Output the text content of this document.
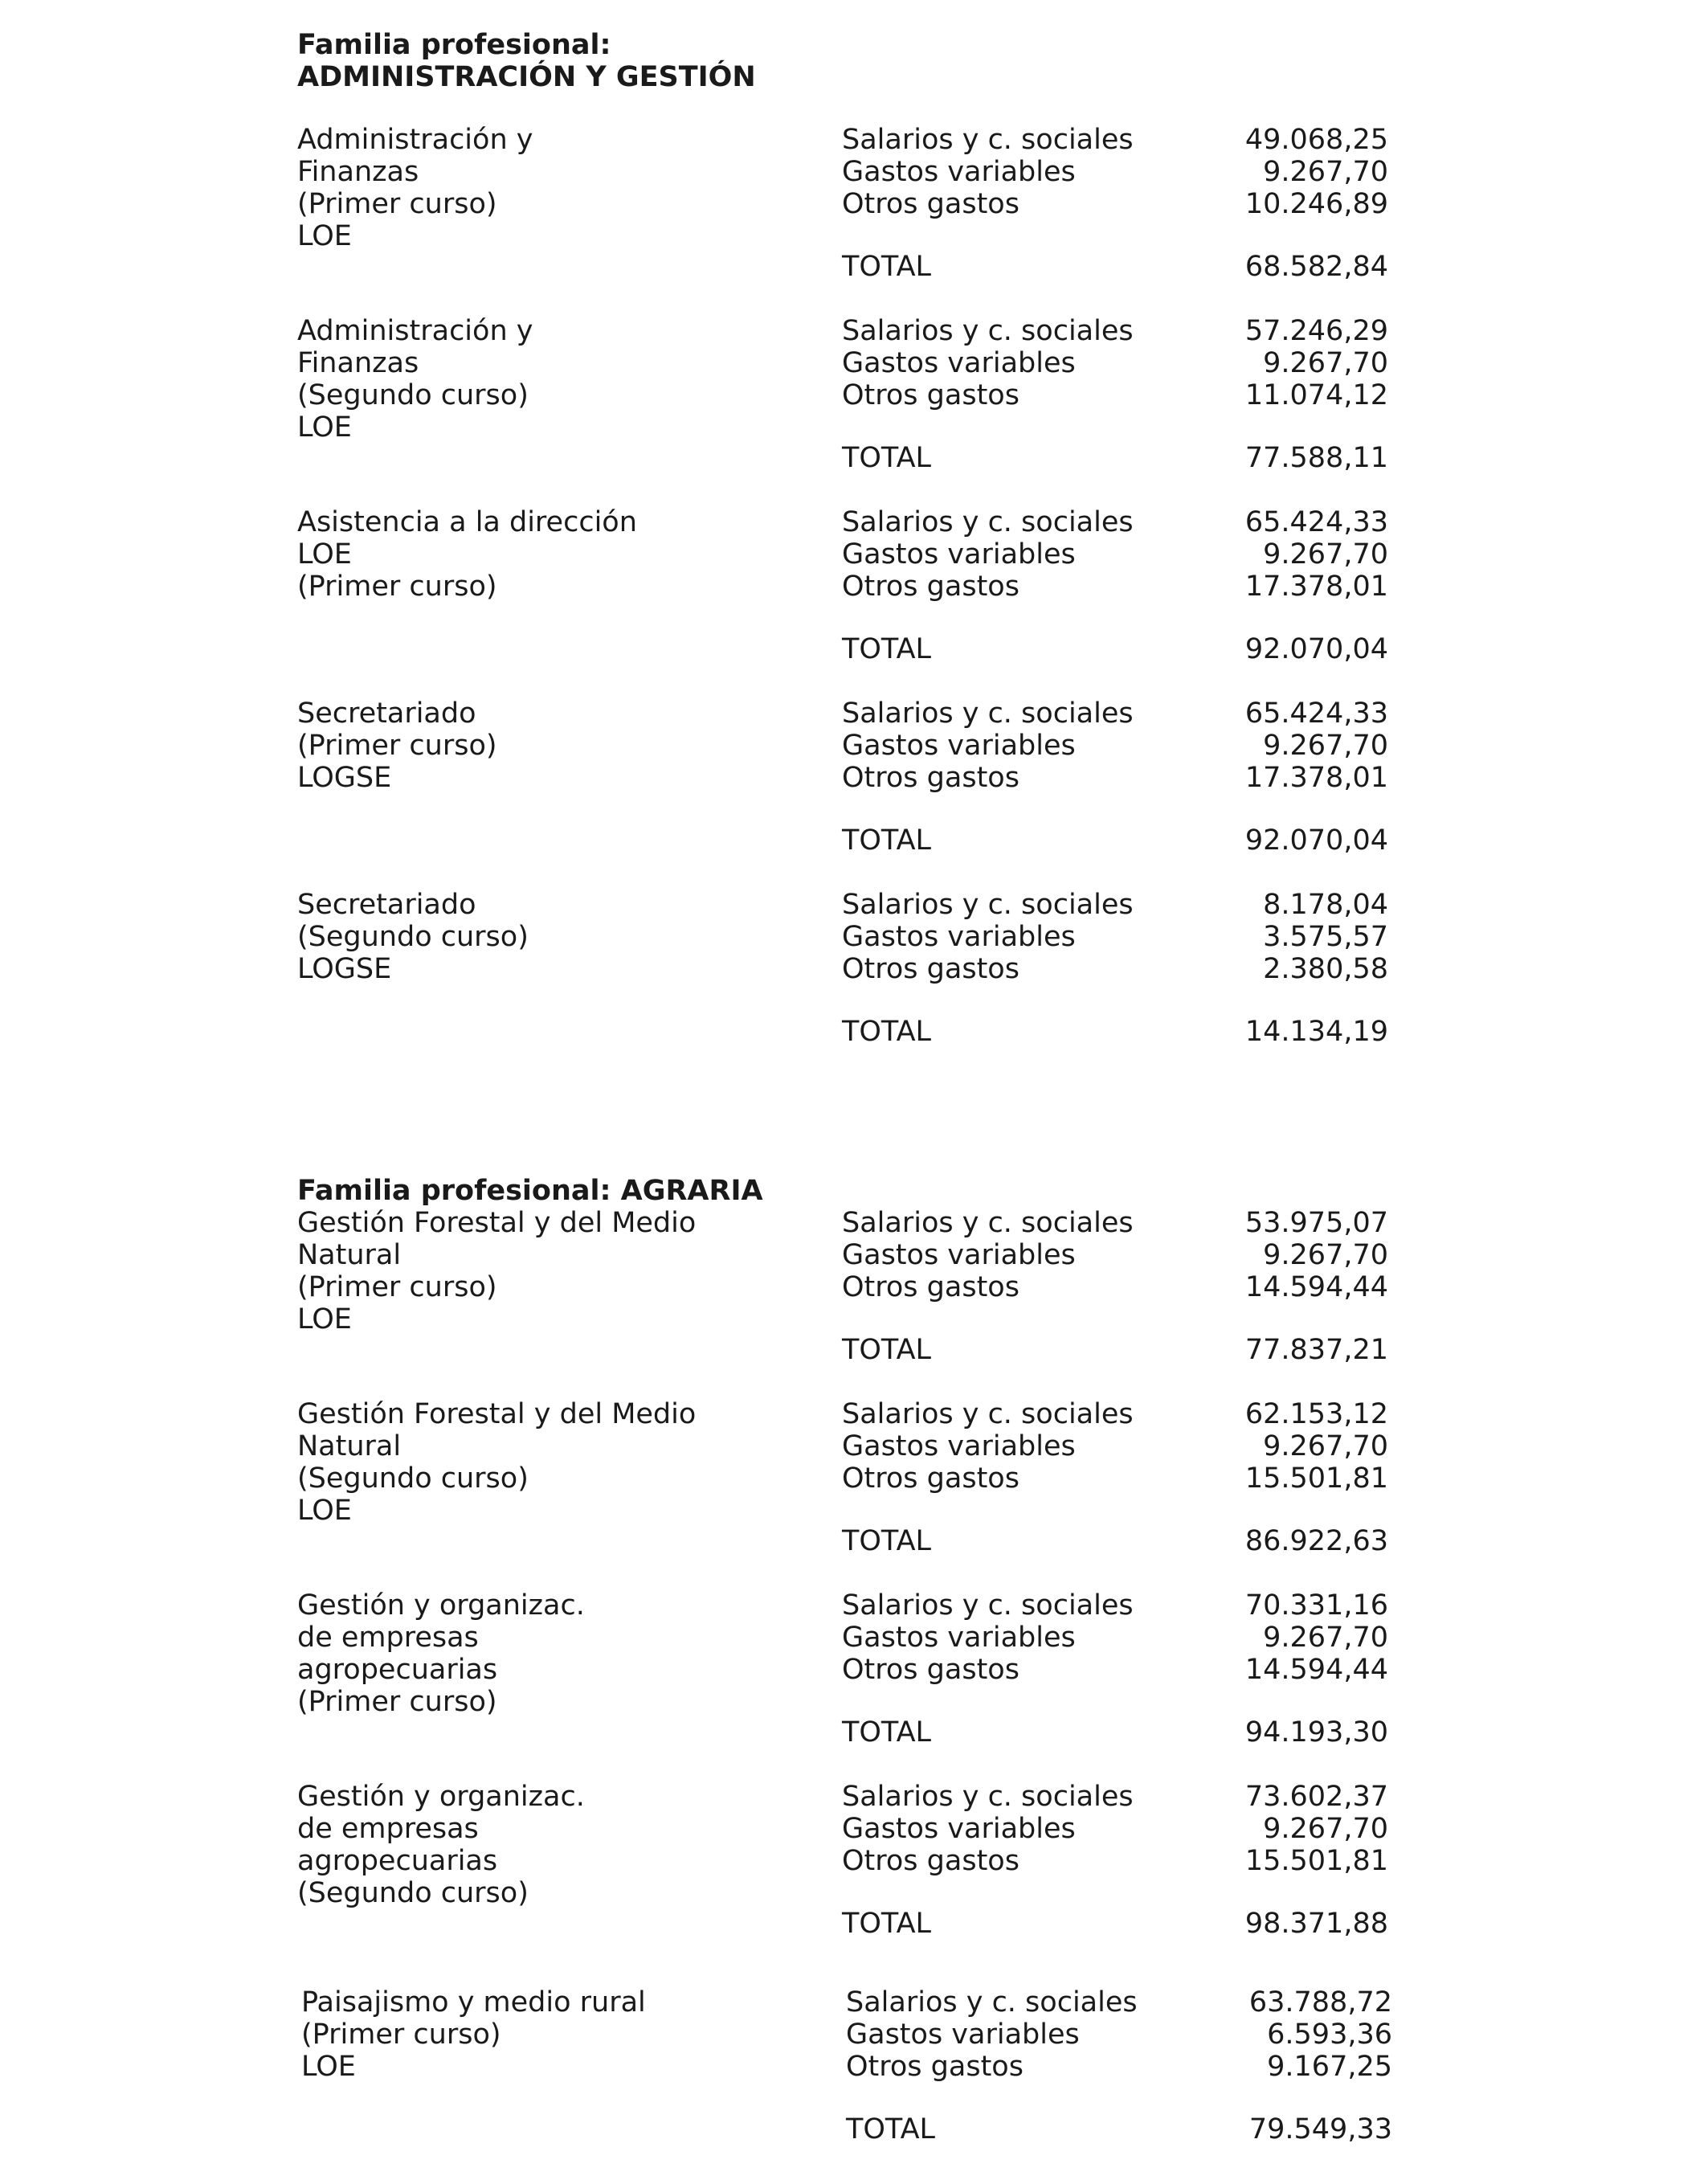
Familia profesional:
ADMINISTRACIÓN Y GESTIÓN
Administración y
Finanzas
(Primer curso)
LOE
Salarios y c. sociales	49.068,25
Gastos variables	9.267,70
Otros gastos	10.246,89
TOTAL	68.582,84
Administración y
Finanzas
(Segundo curso)
LOE
Salarios y c. sociales	57.246,29
Gastos variables	9.267,70
Otros gastos	11.074,12
TOTAL	77.588,11
Asistencia a la dirección
LOE
(Primer curso)
Salarios y c. sociales	65.424,33
Gastos variables	9.267,70
Otros gastos	17.378,01
TOTAL	92.070,04
Secretariado
(Primer curso)
LOGSE
Salarios y c. sociales	65.424,33
Gastos variables	9.267,70
Otros gastos	17.378,01
TOTAL	92.070,04
Secretariado
(Segundo curso)
LOGSE
Salarios y c. sociales	8.178,04
Gastos variables	3.575,57
Otros gastos	2.380,58
TOTAL	14.134,19
Familia profesional: AGRARIA
Gestión Forestal y del Medio
Natural
(Primer curso)
LOE
Salarios y c. sociales	53.975,07
Gastos variables	9.267,70
Otros gastos	14.594,44
TOTAL	77.837,21
Gestión Forestal y del Medio
Natural
(Segundo curso)
LOE
Salarios y c. sociales	62.153,12
Gastos variables	9.267,70
Otros gastos	15.501,81
TOTAL	86.922,63
Gestión y organizac.
de empresas
agropecuarias
(Primer curso)
Salarios y c. sociales	70.331,16
Gastos variables	9.267,70
Otros gastos	14.594,44
TOTAL	94.193,30
Gestión y organizac.
de empresas
agropecuarias
(Segundo curso)
Salarios y c. sociales	73.602,37
Gastos variables	9.267,70
Otros gastos	15.501,81
TOTAL	98.371,88
Paisajismo y medio rural
(Primer curso)
LOE
Salarios y c. sociales	63.788,72
Gastos variables	6.593,36
Otros gastos	9.167,25
TOTAL	79.549,33
